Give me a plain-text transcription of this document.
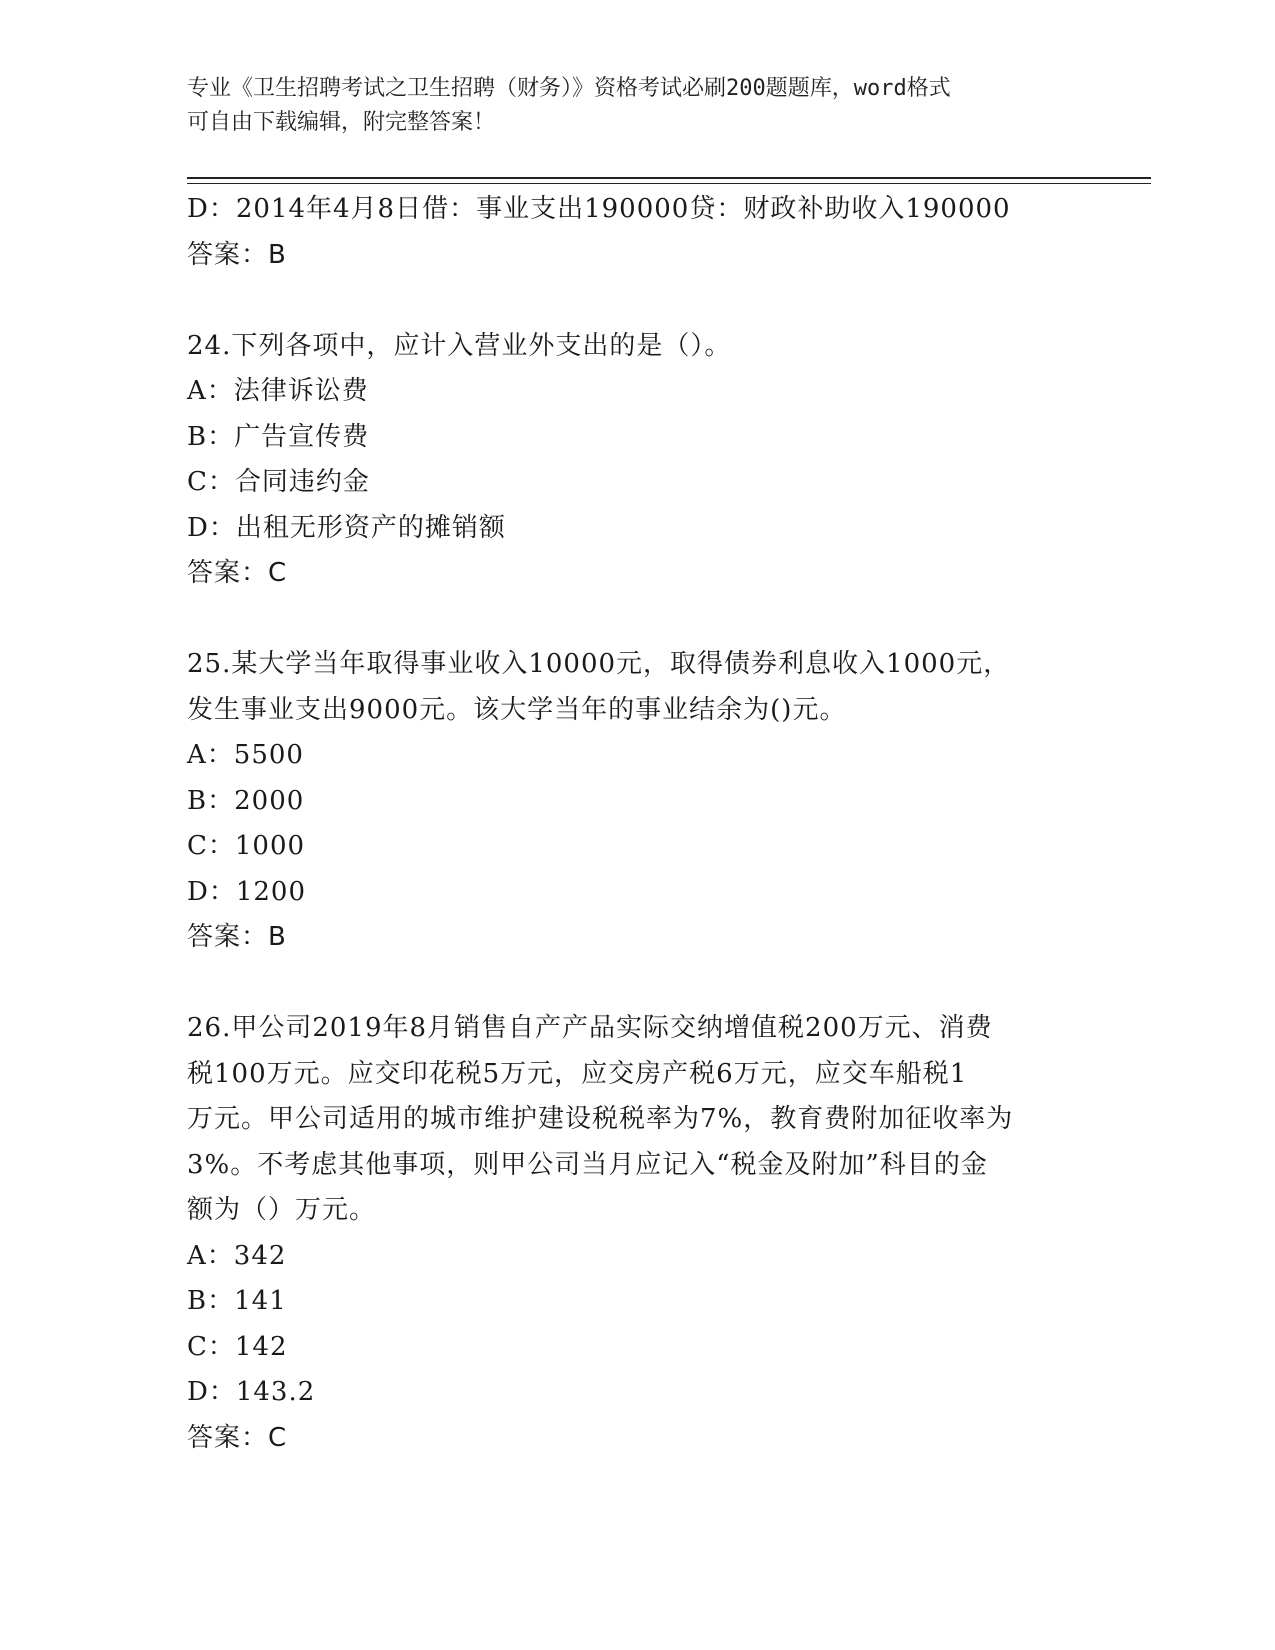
专业《卫生招聘考试之卫生招聘（财务）》资格考试必刷200题题库，word格式
可自由下载编辑，附完整答案！
D：2014年4月8日借：事业支出190000贷：财政补助收入190000
答案：B
24.下列各项中，应计入营业外支出的是（）。
A：法律诉讼费
B：广告宣传费
C：合同违约金
D：出租无形资产的摊销额
答案：C
25.某大学当年取得事业收入10000元，取得债券利息收入1000元，
发生事业支出9000元。该大学当年的事业结余为()元。
A：5500
B：2000
C：1000
D：1200
答案：B
26.甲公司2019年8月销售自产产品实际交纳增值税200万元、消费
税100万元。应交印花税5万元，应交房产税6万元，应交车船税1
万元。甲公司适用的城市维护建设税税率为7%，教育费附加征收率为
3%。不考虑其他事项，则甲公司当月应记入“税金及附加”科目的金
额为（）万元。
A：342
B：141
C：142
D：143.2
答案：C
